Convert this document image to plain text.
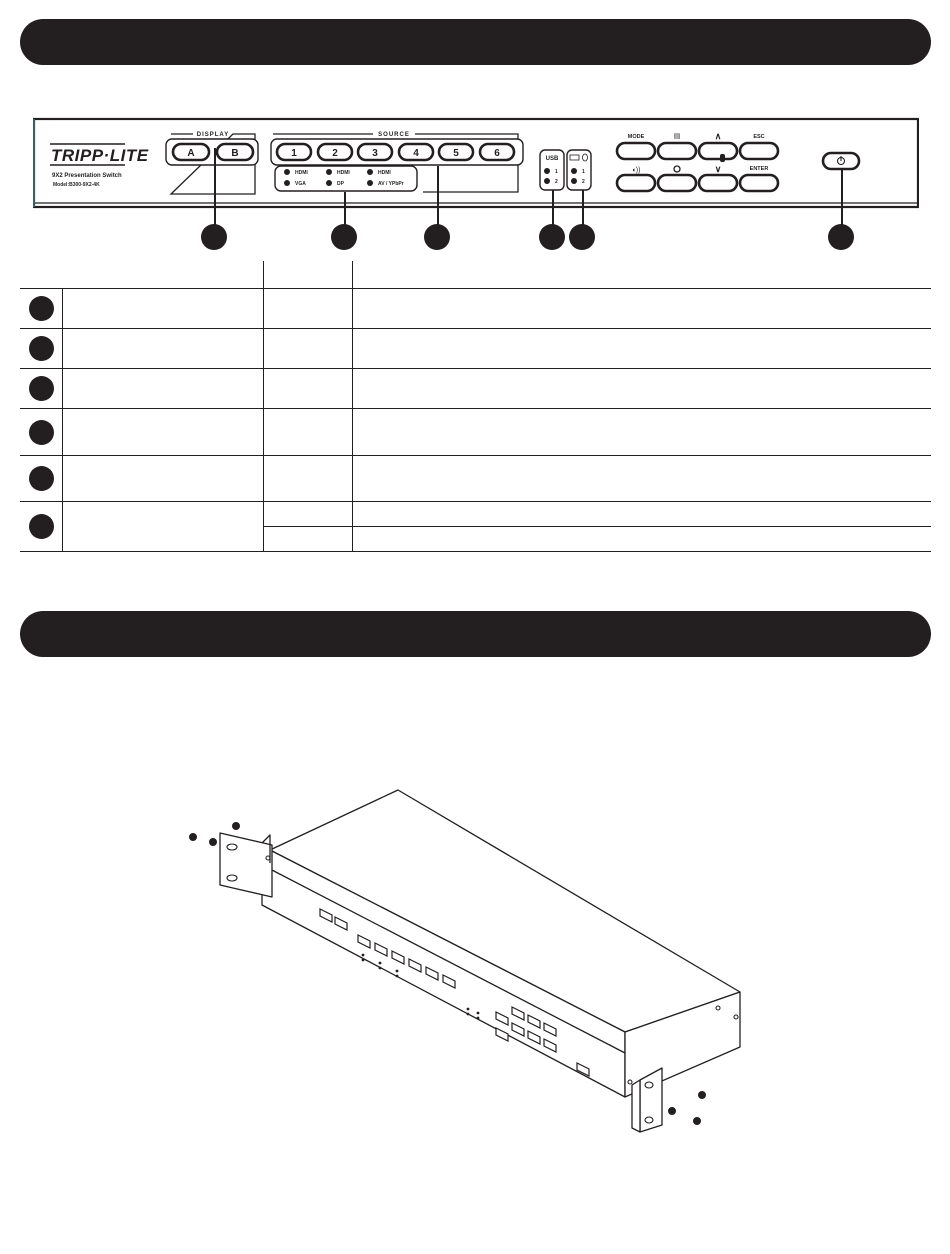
TRIPP·LITE
9X2 Presentation Switch
Model:B300-9X2-4K
DISPLAY
A	B
SOURCE
1	2	3	4	5	6
HDMI	HDMI	HDMI
VGA	DP	AV / YPbPr
USB
1
2
1
2
MODE	▤	∧	ESC
◖))	∨	ENTER
